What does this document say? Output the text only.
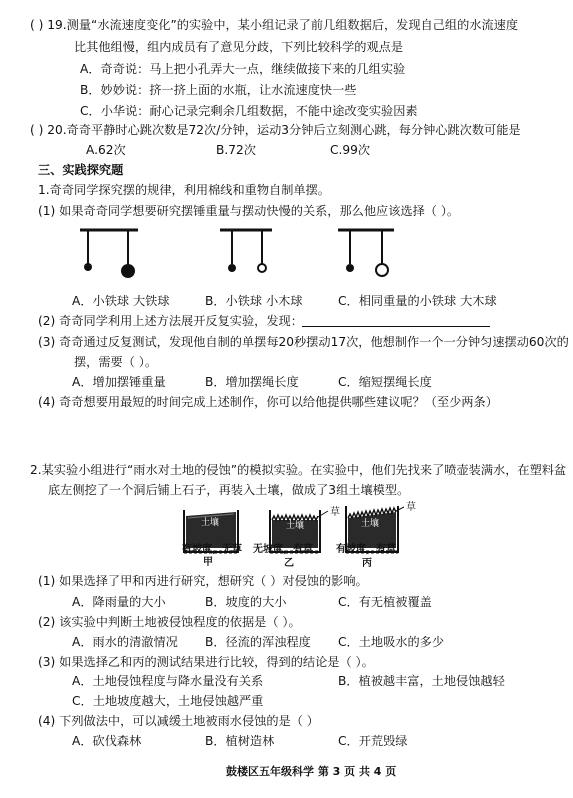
( ) 19.测量“水流速度变化”的实验中，某小组记录了前几组数据后，发现自己组的水流速度
比其他组慢，组内成员有了意见分歧，下列比较科学的观点是
A．奇奇说：马上把小孔弄大一点，继续做接下来的几组实验
B．妙妙说：挤一挤上面的水瓶，让水流速度快一些
C．小华说：耐心记录完剩余几组数据，不能中途改变实验因素
( ) 20.奇奇平静时心跳次数是72次/分钟，运动3分钟后立刻测心跳，每分钟心跳次数可能是
A.62次	B.72次	C.99次
三、实践探究题
1.奇奇同学探究摆的规律，利用棉线和重物自制单摆。
(1) 如果奇奇同学想要研究摆锤重量与摆动快慢的关系，那么他应该选择（ ）。
A．小铁球 大铁球	B．小铁球 小木球	C．相同重量的小铁球 大木球
(2) 奇奇同学利用上述方法展开反复实验，发现：
(3) 奇奇通过反复测试，发现他自制的单摆每20秒摆动17次，他想制作一个一分钟匀速摆动60次的
摆，需要（ ）。
A．增加摆锤重量	B．增加摆绳长度	C．缩短摆绳长度
(4) 奇奇想要用最短的时间完成上述制作，你可以给他提供哪些建议呢？（至少两条）
2.某实验小组进行“雨水对土地的侵蚀”的模拟实验。在实验中，他们先找来了喷壶装满水，在塑料盆
底左侧挖了一个洞后铺上石子，再装入土壤，做成了3组土壤模型。
土壤	土壤	土壤
草	草
有坡度，无草 无坡度，有草 有坡度，有草
甲	乙	丙
(1) 如果选择了甲和丙进行研究，想研究（ ）对侵蚀的影响。
A．降雨量的大小	B．坡度的大小	C．有无植被覆盖
(2) 该实验中判断土地被侵蚀程度的依据是（ ）。
A．雨水的清澈情况	B．径流的浑浊程度	C．土地吸水的多少
(3) 如果选择乙和丙的测试结果进行比较，得到的结论是（ ）。
A．土地侵蚀程度与降水量没有关系	B．植被越丰富，土地侵蚀越轻
C．土地坡度越大，土地侵蚀越严重
(4) 下列做法中，可以减缓土地被雨水侵蚀的是（ ）
A．砍伐森林	B．植树造林	C．开荒毁绿
鼓楼区五年级科学 第 3 页 共 4 页
